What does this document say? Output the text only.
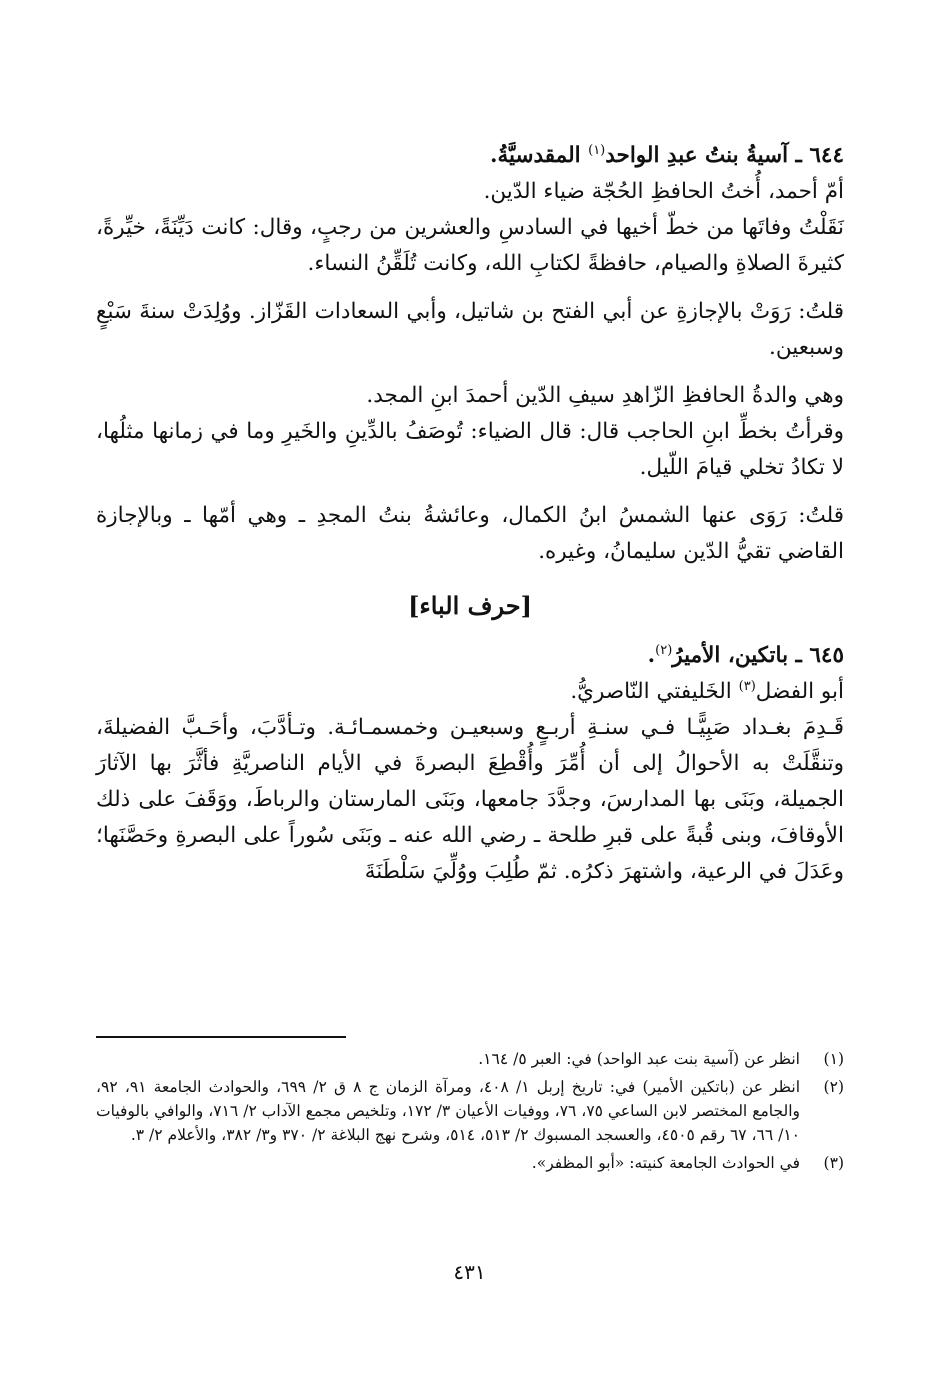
٦٤٤ ـ آسيةُ بنتُ عبدِ الواحد$^{(١)}$ المقدسيَّةُ.

أمّ أحمد، أُختُ الحافظِ الحُجّة ضياء الدّين.

نَقَلْتُ وفاتَها من خطّ أخيها في السادسِ والعشرين من رجبٍ، وقال: كانت دَيِّنَةً، خيِّرةً، كثيرةَ الصلاةِ والصيام، حافظةً لكتابِ الله، وكانت تُلَقِّنُ النساء.

قلتُ: رَوَتْ بالإجازةِ عن أبي الفتح بن شاتيل، وأبي السعادات القَزّاز. ووُلِدَتْ سنةَ سَبْعٍ وسبعين.

وهي والدةُ الحافظِ الزّاهدِ سيفِ الدّين أحمدَ ابنِ المجد.

وقرأتُ بخطِّ ابنِ الحاجب قال: قال الضياء: تُوصَفُ بالدِّينِ والخَيرِ وما في زمانها مثلُها، لا تكادُ تخلي قيامَ اللّيل.

قلتُ: رَوَى عنها الشمسُ ابنُ الكمال، وعائشةُ بنتُ المجدِ ـ وهي أمّها ـ وبالإجازة القاضي تقيُّ الدّين سليمانُ، وغيره.

[حرف الباء]

٦٤٥ ـ باتكين، الأميرُ$^{(٢)}$.

أبو الفضل$^{(٣)}$ الخَليفتي النّاصريُّ.

قَـدِمَ بغـداد صَبِيًّـا فـي سنـةِ أربـعٍ وسبعيـن وخمسمـائـة. وتـأدَّبَ، وأحَـبَّ الفضيلةَ، وتنقَّلَتْ به الأحوالُ إلى أن أُمِّرَ وأُقْطِعَ البصرةَ في الأيام الناصريَّةِ فأثَّرَ بها الآثارَ الجميلة، وبَنَى بها المدارسَ، وجدَّدَ جامعها، وبَنَى المارستان والرباطَ، ووَقَفَ على ذلك الأوقافَ، وبنى قُبةً على قبرِ طلحة ـ رضي الله عنه ـ وبَنَى سُوراً على البصرةِ وحَصَّنَها؛ وعَدَلَ في الرعية، واشتهرَ ذكرُه. ثمّ طُلِبَ ووُلِّيَ سَلْطَنَةَ

(١)
انظر عن (آسية بنت عبد الواحد) في: العبر ٥/ ١٦٤.
(٢)
انظر عن (باتكين الأمير) في: تاريخ إربل ١/ ٤٠٨، ومرآة الزمان ج ٨ ق ٢/ ٦٩٩، والحوادث الجامعة ٩١، ٩٢، والجامع المختصر لابن الساعي ٧٥، ٧٦، ووفيات الأعيان ٣/ ١٧٢، وتلخيص مجمع الآداب ٢/ ٧١٦، والوافي بالوفيات ١٠/ ٦٦، ٦٧ رقم ٤٥٠٥، والعسجد المسبوك ٢/ ٥١٣، ٥١٤، وشرح نهج البلاغة ٢/ ٣٧٠ و٣/ ٣٨٢، والأعلام ٢/ ٣.
(٣)
في الحوادث الجامعة كنيته: «أبو المظفر».
٤٣١
